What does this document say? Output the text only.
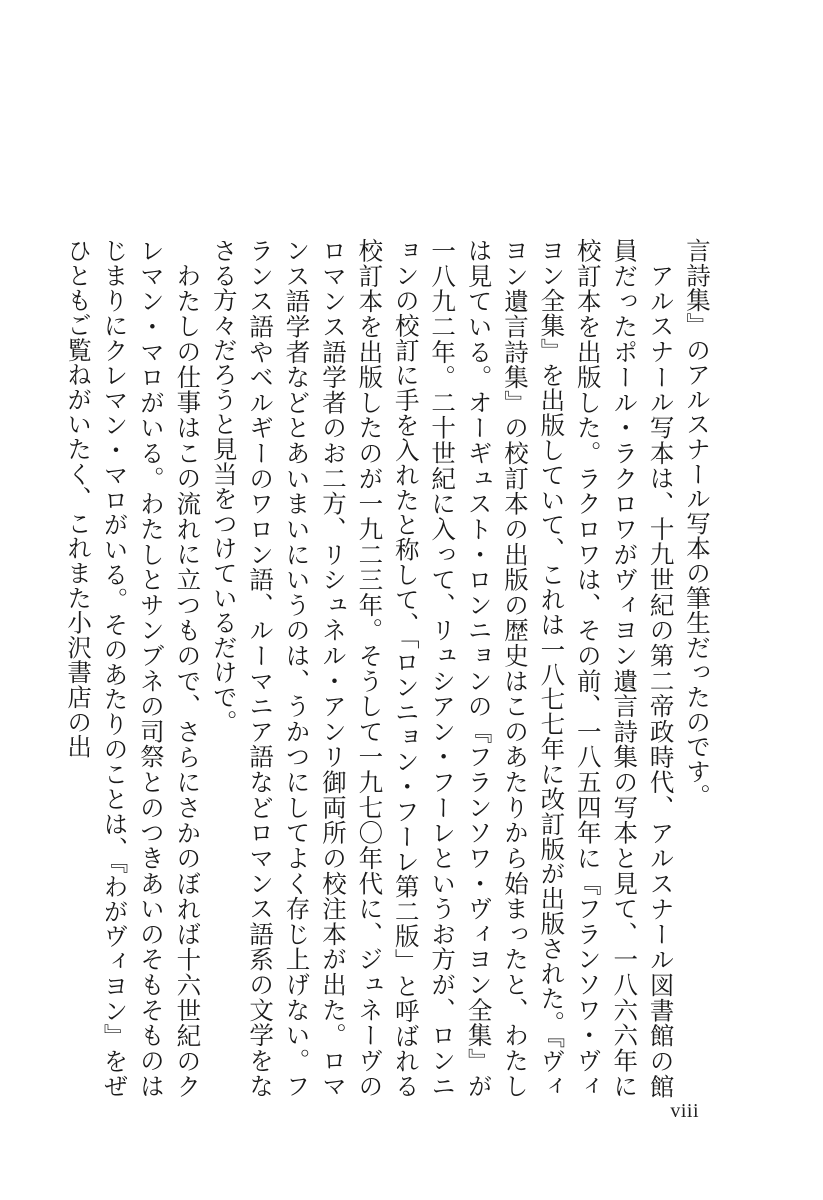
言詩集』のアルスナール写本の筆生だったのです。

アルスナール写本は、十九世紀の第二帝政時代、アルスナール図書館の館員だったポール・ラクロワがヴィヨン遺言詩集の写本と見て、一八六六年に校訂本を出版した。ラクロワは、その前、一八五四年に『フランソワ・ヴィヨン全集』を出版していて、これは一八七七年に改訂版が出版された。『ヴィヨン遺言詩集』の校訂本の出版の歴史はこのあたりから始まったと、わたしは見ている。オーギュスト・ロンニョンの『フランソワ・ヴィヨン全集』が一八九二年。二十世紀に入って、リュシアン・フーレというお方が、ロンニョンの校訂に手を入れたと称して、「ロンニョン・フーレ第二版」と呼ばれる校訂本を出版したのが一九二三年。そうして一九七〇年代に、ジュネーヴのロマンス語学者のお二方、リシュネル・アンリ御両所の校注本が出た。ロマンス語学者などとあいまいにいうのは、うかつにしてよく存じ上げない。フランス語やベルギーのワロン語、ルーマニア語などロマンス語系の文学をなさる方々だろうと見当をつけているだけで。

わたしの仕事はこの流れに立つもので、さらにさかのぼれば十六世紀のクレマン・マロがいる。わたしとサンブネの司祭とのつきあいのそもそものはじまりにクレマン・マロがいる。そのあたりのことは、『わがヴィヨン』をぜひともご覧ねがいたく、これまた小沢書店の出

viii
